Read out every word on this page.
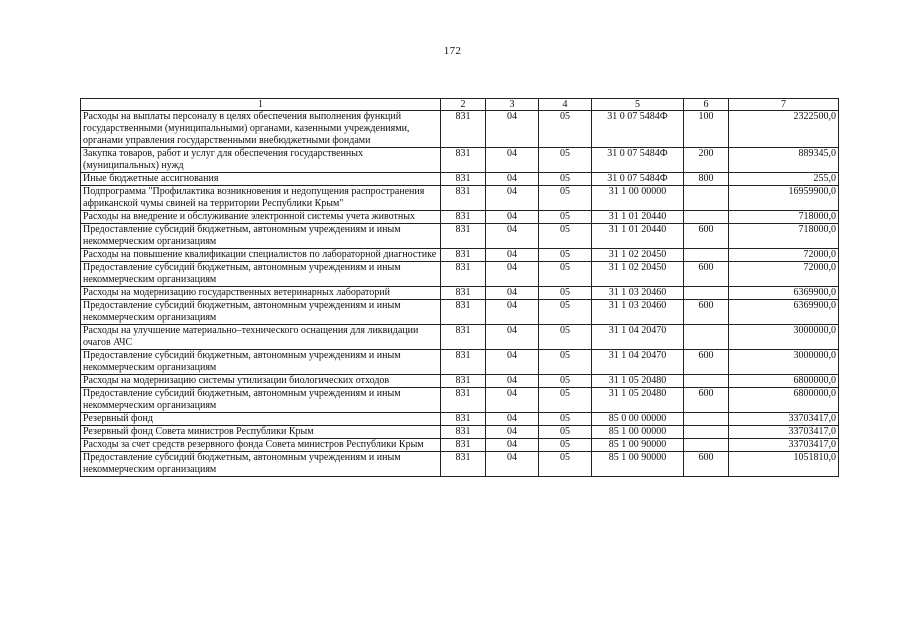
172
1	2	3	4	5	6	7
Расходы на выплаты персоналу в целях обеспечения выполнения функций государственными (муниципальными) органами, казенными учреждениями, органами управления государственными внебюджетными фондами	831	04	05	31 0 07 5484Ф	100	2322500,0
Закупка товаров, работ и услуг для обеспечения государственных (муниципальных) нужд	831	04	05	31 0 07 5484Ф	200	889345,0
Иные бюджетные ассигнования	831	04	05	31 0 07 5484Ф	800	255,0
Подпрограмма "Профилактика возникновения и недопущения распространения африканской чумы свиней на территории Республики Крым"	831	04	05	31 1 00 00000		16959900,0
Расходы на внедрение и обслуживание электронной системы учета животных	831	04	05	31 1 01 20440		718000,0
Предоставление субсидий бюджетным, автономным учреждениям и иным некоммерческим организациям	831	04	05	31 1 01 20440	600	718000,0
Расходы на повышение квалификации специалистов по лабораторной диагностике	831	04	05	31 1 02 20450		72000,0
Предоставление субсидий бюджетным, автономным учреждениям и иным некоммерческим организациям	831	04	05	31 1 02 20450	600	72000,0
Расходы на модернизацию государственных ветеринарных лабораторий	831	04	05	31 1 03 20460		6369900,0
Предоставление субсидий бюджетным, автономным учреждениям и иным некоммерческим организациям	831	04	05	31 1 03 20460	600	6369900,0
Расходы на улучшение материально–технического оснащения для ликвидации очагов АЧС	831	04	05	31 1 04 20470		3000000,0
Предоставление субсидий бюджетным, автономным учреждениям и иным некоммерческим организациям	831	04	05	31 1 04 20470	600	3000000,0
Расходы на модернизацию системы утилизации биологических отходов	831	04	05	31 1 05 20480		6800000,0
Предоставление субсидий бюджетным, автономным учреждениям и иным некоммерческим организациям	831	04	05	31 1 05 20480	600	6800000,0
Резервный фонд	831	04	05	85 0 00 00000		33703417,0
Резервный фонд Совета министров Республики Крым	831	04	05	85 1 00 00000		33703417,0
Расходы за счет средств резервного фонда Совета министров Республики Крым	831	04	05	85 1 00 90000		33703417,0
Предоставление субсидий бюджетным, автономным учреждениям и иным некоммерческим организациям	831	04	05	85 1 00 90000	600	1051810,0
